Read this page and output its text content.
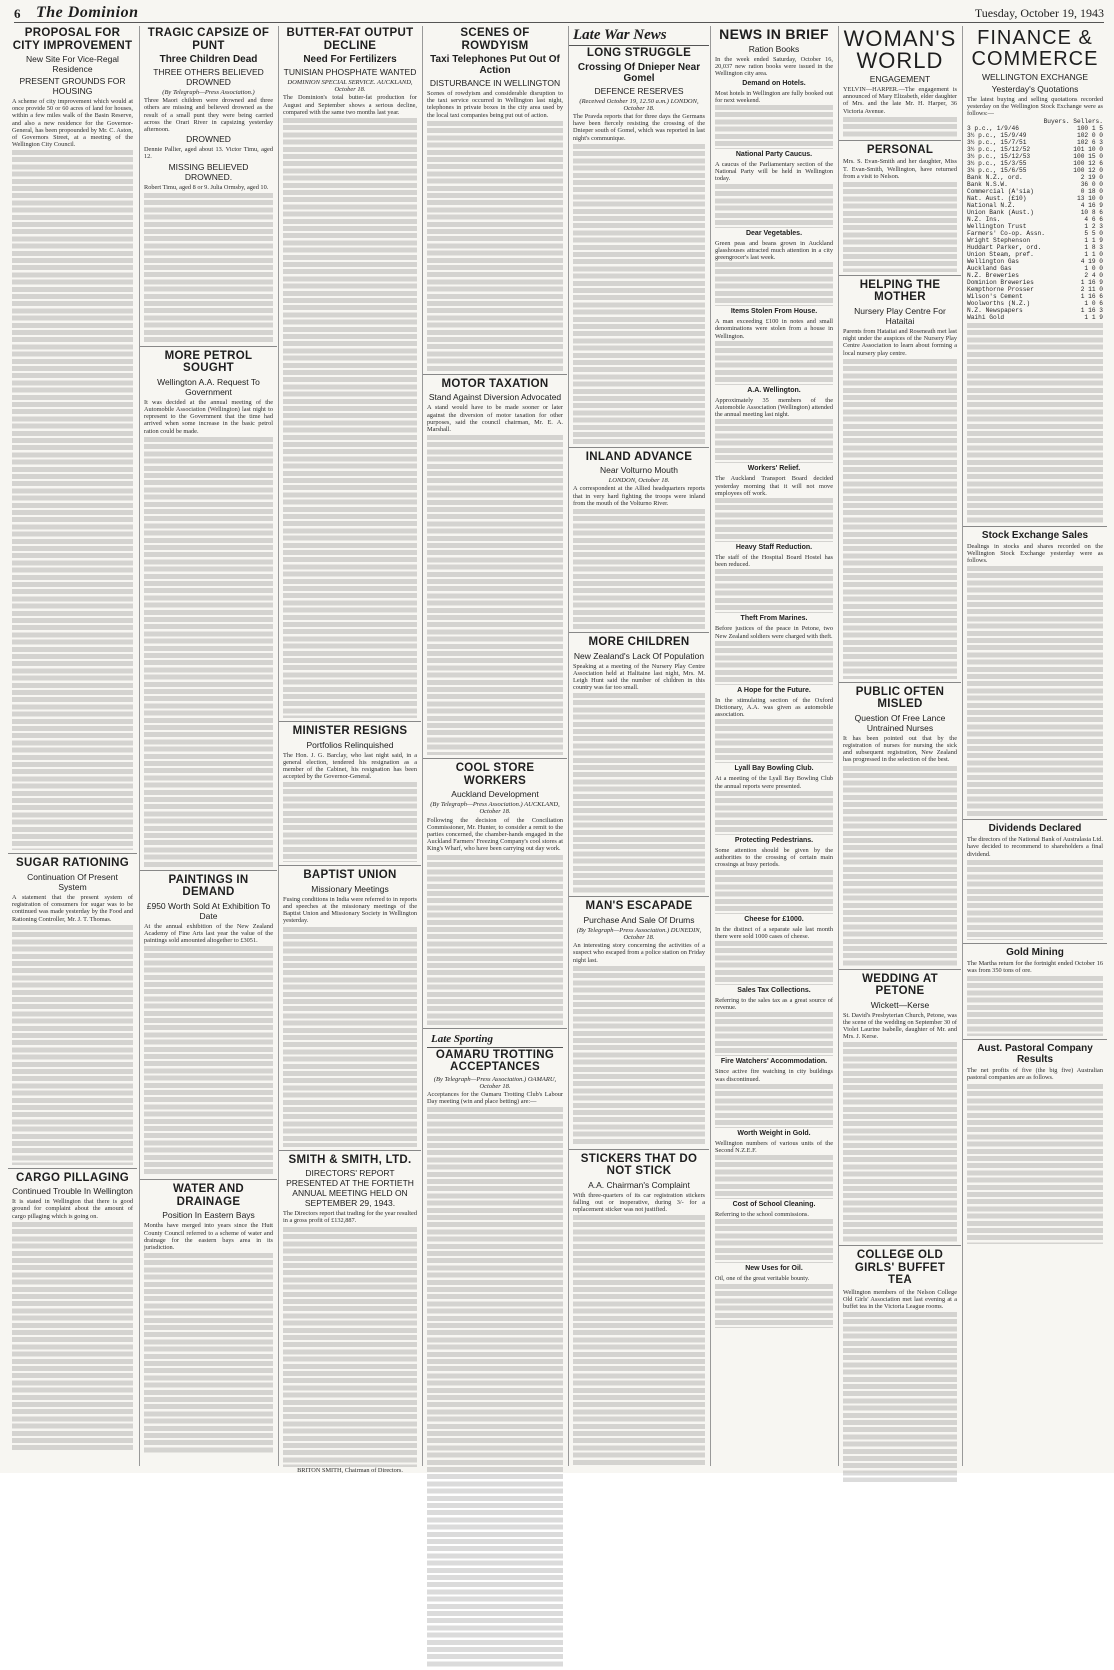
6 The Dominion	Tuesday, October 19, 1943
PROPOSAL FOR CITY IMPROVEMENT
New Site For Vice-Regal Residence
PRESENT GROUNDS FOR HOUSING

A scheme of city improvement which would at once provide 50 or 60 acres of land for houses, within a few miles walk of the Basin Reserve, and also a new residence for the Governor-General, has been propounded by Mr. C. Aston, of Governors Street, at a meeting of the Wellington City Council.

SUGAR RATIONING
Continuation Of Present System

A statement that the present system of registration of consumers for sugar was to be continued was made yesterday by the Food and Rationing Controller, Mr. J. T. Thomas.

CARGO PILLAGING
Continued Trouble In Wellington

It is stated in Wellington that there is good ground for complaint about the amount of cargo pillaging which is going on.

TRAGIC CAPSIZE OF PUNT
Three Children Dead
THREE OTHERS BELIEVED DROWNED
(By Telegraph—Press Association.)

Three Maori children were drowned and three others are missing and believed drowned as the result of a small punt they were being carried across the Orari River in capsizing yesterday afternoon.

DROWNED

Dennie Pallier, aged about 13. Victor Timu, aged 12.

MISSING BELIEVED DROWNED.

Robert Timu, aged 8 or 9. Julia Ormsby, aged 10.

MORE PETROL SOUGHT
Wellington A.A. Request To Government

It was decided at the annual meeting of the Automobile Association (Wellington) last night to represent to the Government that the time had arrived when some increase in the basic petrol ration could be made.

PAINTINGS IN DEMAND
£950 Worth Sold At Exhibition To Date

At the annual exhibition of the New Zealand Academy of Fine Arts last year the value of the paintings sold amounted altogether to £3051.

WATER AND DRAINAGE
Position In Eastern Bays

Months have merged into years since the Hutt County Council referred to a scheme of water and drainage for the eastern bays area in its jurisdiction.

BUTTER-FAT OUTPUT DECLINE
Need For Fertilizers
TUNISIAN PHOSPHATE WANTED
DOMINION SPECIAL SERVICE. AUCKLAND, October 18.

The Dominion's total butter-fat production for August and September shows a serious decline, compared with the same two months last year.

MINISTER RESIGNS
Portfolios Relinquished

The Hon. J. G. Barclay, who last night said, in a general election, tendered his resignation as a member of the Cabinet, his resignation has been accepted by the Governor-General.

BAPTIST UNION
Missionary Meetings

Fusing conditions in India were referred to in reports and speeches at the missionary meetings of the Baptist Union and Missionary Society in Wellington yesterday.

SMITH & SMITH, LTD.
DIRECTORS' REPORT PRESENTED AT THE FORTIETH ANNUAL MEETING HELD ON SEPTEMBER 29, 1943.

The Directors report that trading for the year resulted in a gross profit of £132,887.

BRITON SMITH, Chairman of Directors.

SCENES OF ROWDYISM
Taxi Telephones Put Out Of Action
DISTURBANCE IN WELLINGTON

Scenes of rowdyism and considerable disruption to the taxi service occurred in Wellington last night, telephones in private boxes in the city area used by the local taxi companies being put out of action.

MOTOR TAXATION
Stand Against Diversion Advocated

A stand would have to be made sooner or later against the diversion of motor taxation for other purposes, said the council chairman, Mr. E. A. Marshall.

COOL STORE WORKERS
Auckland Development
(By Telegraph—Press Association.) AUCKLAND, October 18.

Following the decision of the Conciliation Commissioner, Mr. Hunter, to consider a remit to the parties concerned, the chamber-hands engaged in the Auckland Farmers' Freezing Company's cool stores at King's Wharf, who have been carrying out day work.

Late Sporting
OAMARU TROTTING ACCEPTANCES
(By Telegraph—Press Association.) OAMARU, October 18.

Acceptances for the Oamaru Trotting Club's Labour Day meeting (win and place betting) are:—

Late War News
LONG STRUGGLE
Crossing Of Dnieper Near Gomel
DEFENCE RESERVES
(Received October 19, 12.50 a.m.) LONDON, October 18.

The Pravda reports that for three days the Germans have been fiercely resisting the crossing of the Dnieper south of Gomel, which was reported in last night's communique.

INLAND ADVANCE
Near Volturno Mouth
LONDON, October 18.

A correspondent at the Allied headquarters reports that in very hard fighting the troops were inland from the mouth of the Volturno River.

MORE CHILDREN
New Zealand's Lack Of Population

Speaking at a meeting of the Nursery Play Centre Association held at Halitaine last night, Mrs. M. Leigh Hunt said the number of children in this country was far too small.

MAN'S ESCAPADE
Purchase And Sale Of Drums
(By Telegraph—Press Association.) DUNEDIN, October 18.

An interesting story concerning the activities of a suspect who escaped from a police station on Friday night last.

STICKERS THAT DO NOT STICK
A.A. Chairman's Complaint

With three-quarters of its car registration stickers falling out or inoperative, during 3/- for a replacement sticker was not justified.

NEWS IN BRIEF
Ration Books

In the week ended Saturday, October 16, 20,037 new ration books were issued in the Wellington city area.

Demand on Hotels.

Most hotels in Wellington are fully booked out for next weekend.

National Party Caucus.

A caucus of the Parliamentary section of the National Party will be held in Wellington today.

Dear Vegetables.

Green peas and beans grown in Auckland glasshouses attracted much attention in a city greengrocer's last week.

Items Stolen From House.

A man exceeding £100 in notes and small denominations were stolen from a house in Wellington.

A.A. Wellington.

Approximately 35 members of the Automobile Association (Wellington) attended the annual meeting last night.

Workers' Relief.

The Auckland Transport Board decided yesterday morning that it will not move employees off work.

Heavy Staff Reduction.

The staff of the Hospital Board Hostel has been reduced.

Theft From Marines.

Before justices of the peace in Petone, two New Zealand soldiers were charged with theft.

A Hope for the Future.

In the stimulating section of the Oxford Dictionary, A.A. was given as automobile association.

Lyall Bay Bowling Club.

At a meeting of the Lyall Bay Bowling Club the annual reports were presented.

Protecting Pedestrians.

Some attention should be given by the authorities to the crossing of certain main crossings at busy periods.

Cheese for £1000.

In the distinct of a separate sale last month there were sold 1000 cases of cheese.

Sales Tax Collections.

Referring to the sales tax as a great source of revenue.

Fire Watchers' Accommodation.

Since active fire watching in city buildings was discontinued.

Worth Weight in Gold.

Wellington numbers of various units of the Second N.Z.E.F.

Cost of School Cleaning.

Referring to the school commissions.

New Uses for Oil.

Oil, one of the great veritable bounty.

WOMAN'S WORLD
ENGAGEMENT

YELVIN—HARPER.—The engagement is announced of Mary Elizabeth, elder daughter of Mrs. and the late Mr. H. Harper, 36 Victoria Avenue.

PERSONAL

Mrs. S. Evan-Smith and her daughter, Miss T. Evan-Smith, Wellington, have returned from a visit to Nelson.

HELPING THE MOTHER
Nursery Play Centre For Hataitai

Parents from Hataitai and Roseneath met last night under the auspices of the Nursery Play Centre Association to learn about forming a local nursery play centre.

PUBLIC OFTEN MISLED
Question Of Free Lance Untrained Nurses

It has been pointed out that by the registration of nurses for nursing the sick and subsequent registration, New Zealand has progressed in the selection of the best.

WEDDING AT PETONE
Wickett—Kerse

St. David's Presbyterian Church, Petone, was the scene of the wedding on September 30 of Violet Laurine Isabelle, daughter of Mr. and Mrs. J. Kerse.

COLLEGE OLD GIRLS' BUFFET TEA

Wellington members of the Nelson College Old Girls' Association met last evening at a buffet tea in the Victoria League rooms.

FINANCE & COMMERCE
WELLINGTON EXCHANGE
Yesterday's Quotations

The latest buying and selling quotations recorded yesterday on the Wellington Stock Exchange were as follows:—

Buyers. Sellers.
3 p.c., 1/9/46	100 1 5
3½ p.c., 15/9/49	102 0 0
3½ p.c., 15/7/51	102 6 3
3½ p.c., 15/12/52	101 10 0
3½ p.c., 15/12/53	100 15 0
3½ p.c., 15/3/55	100 12 6
3¼ p.c., 15/6/55	100 12 0
Bank N.Z., ord.	2 19 0
Bank N.S.W.	36 0 0
Commercial (A'sia)	0 18 0
Nat. Aust. (£10)	13 10 0
National N.Z.	4 16 9
Union Bank (Aust.)	10 8 6
N.Z. Ins.	4 6 6
Wellington Trust	1 2 3
Farmers' Co-op. Assn.	5 5 0
Wright Stephenson	1 1 9
Huddart Parker, ord.	1 8 3
Union Steam, pref.	1 1 0
Wellington Gas	4 19 0
Auckland Gas	1 0 0
N.Z. Breweries	2 4 0
Dominion Breweries	1 16 9
Kempthorne Prosser	2 11 0
Wilson's Cement	1 16 6
Woolworths (N.Z.)	1 0 6
N.Z. Newspapers	1 16 3
Waihi Gold	1 1 9
Stock Exchange Sales

Dealings in stocks and shares recorded on the Wellington Stock Exchange yesterday were as follows.

Dividends Declared

The directors of the National Bank of Australasia Ltd. have decided to recommend to shareholders a final dividend.

Gold Mining

The Martha return for the fortnight ended October 16 was from 350 tons of ore.

Aust. Pastoral Company Results

The net profits of five (the big five) Australian pastoral companies are as follows.
